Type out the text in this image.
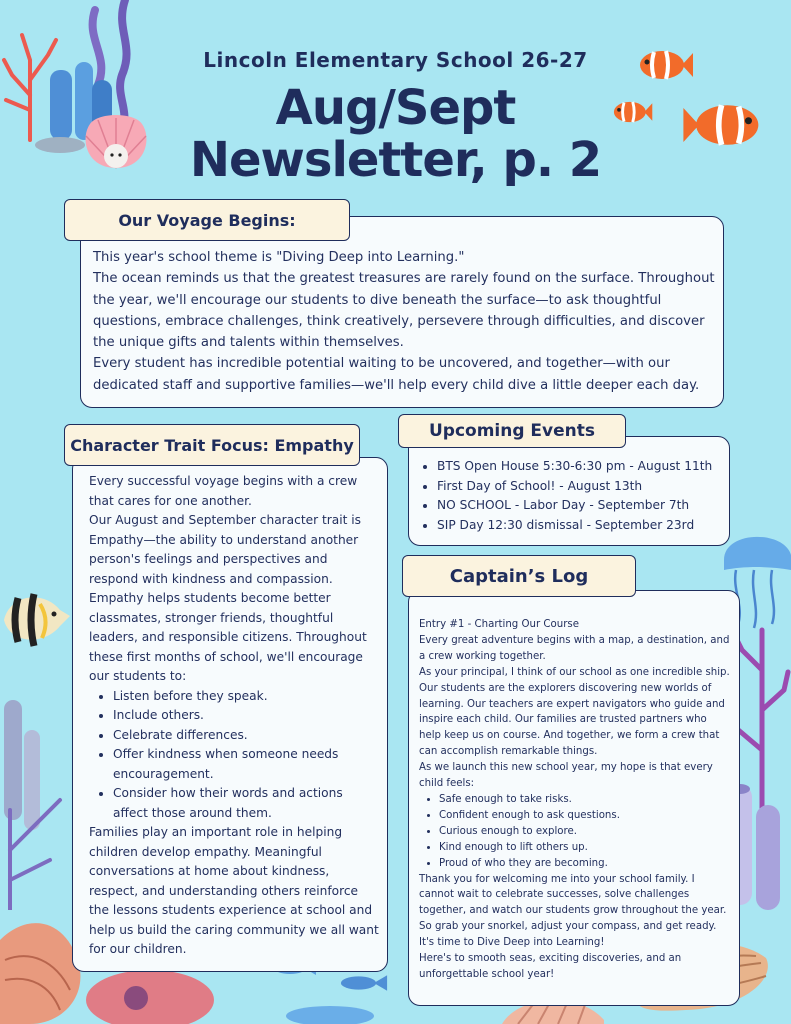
Lincoln Elementary School 26-27
Aug/Sept
Newsletter, p. 2

This year's school theme is "Diving Deep into Learning."

The ocean reminds us that the greatest treasures are rarely found on the surface. Throughout the year, we'll encourage our students to dive beneath the surface—to ask thoughtful questions, embrace challenges, think creatively, persevere through difficulties, and discover the unique gifts and talents within themselves.

Every student has incredible potential waiting to be uncovered, and together—with our dedicated staff and supportive families—we'll help every child dive a little deeper each day.

Our Voyage Begins:

Every successful voyage begins with a crew that cares for one another.

Our August and September character trait is Empathy—the ability to understand another person's feelings and perspectives and respond with kindness and compassion.

Empathy helps students become better classmates, stronger friends, thoughtful leaders, and responsible citizens. Throughout these first months of school, we'll encourage our students to:

• Listen before they speak.
• Include others.
• Celebrate differences.
• Offer kindness when someone needs encouragement.
• Consider how their words and actions affect those around them.

Families play an important role in helping children develop empathy. Meaningful conversations at home about kindness, respect, and understanding others reinforce the lessons students experience at school and help us build the caring community we all want for our children.

Character Trait Focus: Empathy
• BTS Open House 5:30-6:30 pm - August 11th
• First Day of School! - August 13th
• NO SCHOOL - Labor Day - September 7th
• SIP Day 12:30 dismissal - September 23rd
Upcoming Events

Entry #1 - Charting Our Course

Every great adventure begins with a map, a destination, and a crew working together.

As your principal, I think of our school as one incredible ship. Our students are the explorers discovering new worlds of learning. Our teachers are expert navigators who guide and inspire each child. Our families are trusted partners who help keep us on course. And together, we form a crew that can accomplish remarkable things.

As we launch this new school year, my hope is that every child feels:

• Safe enough to take risks.
• Confident enough to ask questions.
• Curious enough to explore.
• Kind enough to lift others up.
• Proud of who they are becoming.

Thank you for welcoming me into your school family. I cannot wait to celebrate successes, solve challenges together, and watch our students grow throughout the year.

So grab your snorkel, adjust your compass, and get ready. It's time to Dive Deep into Learning!

Here's to smooth seas, exciting discoveries, and an unforgettable school year!

Captain’s Log
